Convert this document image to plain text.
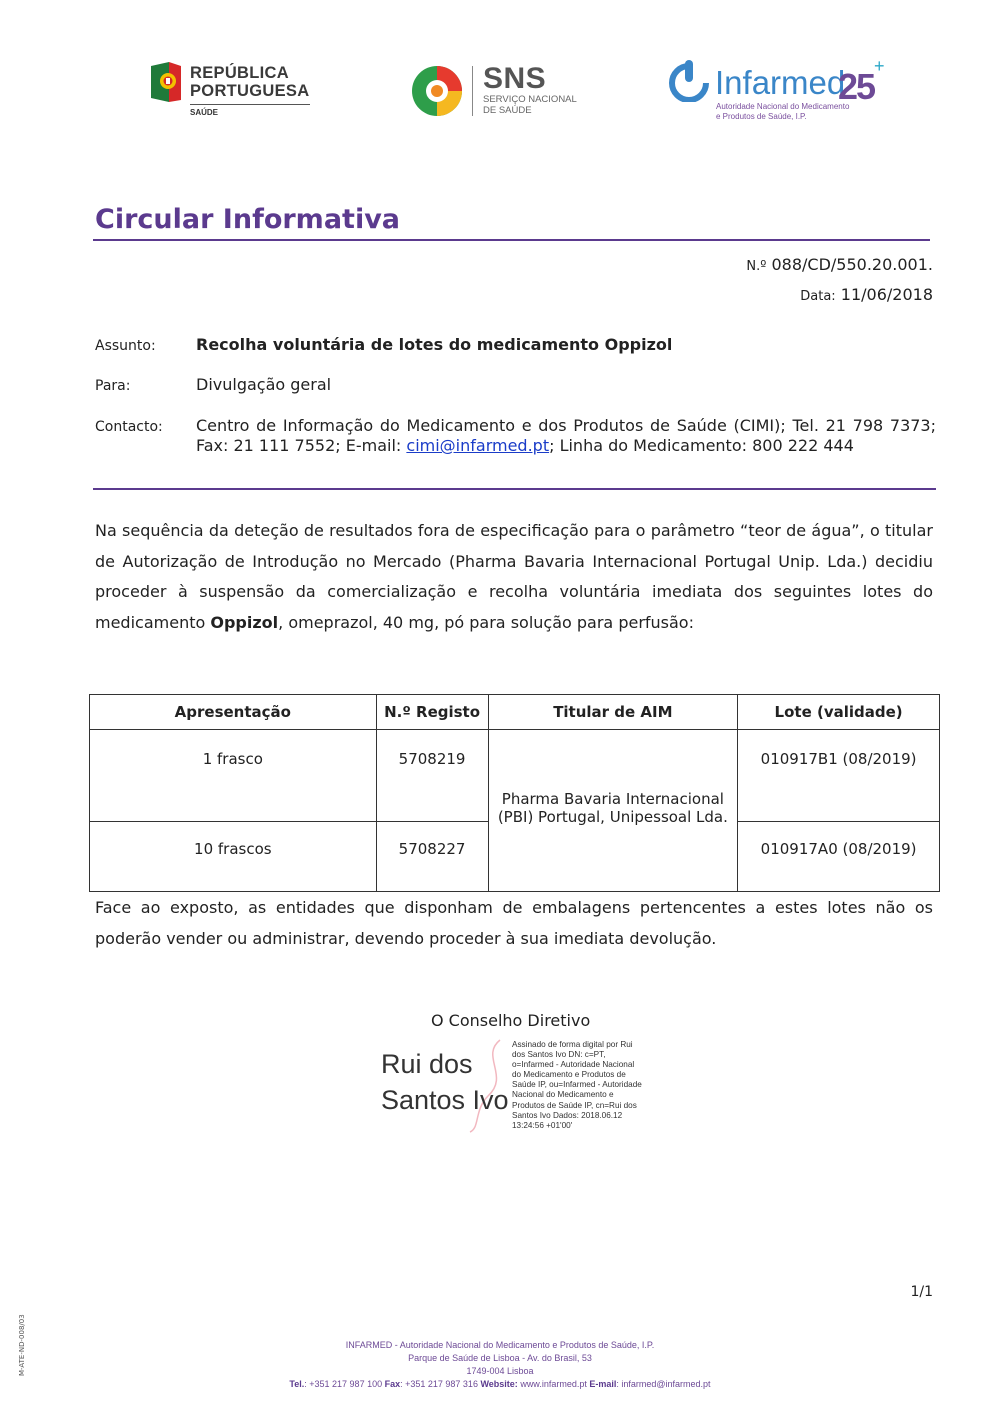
REPÚBLICA
PORTUGUESA
SAÚDE
SNS
SERVIÇO NACIONAL
DE SAÚDE
Infarmed
25 +
Autoridade Nacional do Medicamento
e Produtos de Saúde, I.P.
Circular Informativa
N.º 088/CD/550.20.001.
Data: 11/06/2018
Assunto:	Recolha voluntária de lotes do medicamento Oppizol
Para:	Divulgação geral
Contacto: Centro de Informação do Medicamento e dos Produtos de Saúde (CIMI); Tel. 21 798 7373; Fax: 21 111 7552; E-mail: cimi@infarmed.pt; Linha do Medicamento: 800 222 444
Na sequência da deteção de resultados fora de especificação para o parâmetro “teor de água”, o titular de Autorização de Introdução no Mercado (Pharma Bavaria Internacional Portugal Unip. Lda.) decidiu proceder à suspensão da comercialização e recolha voluntária imediata dos seguintes lotes do medicamento Oppizol, omeprazol, 40 mg, pó para solução para perfusão:
Apresentação	N.º Registo	Titular de AIM	Lote (validade)
1 frasco	5708219	Pharma Bavaria Internacional (PBI) Portugal, Unipessoal Lda.	010917B1 (08/2019)
10 frascos	5708227		010917A0 (08/2019)
Face ao exposto, as entidades que disponham de embalagens pertencentes a estes lotes não os poderão vender ou administrar, devendo proceder à sua imediata devolução.
O Conselho Diretivo
Rui dos
Santos Ivo
Assinado de forma digital por Rui dos Santos Ivo DN: c=PT, o=Infarmed - Autoridade Nacional do Medicamento e Produtos de Saúde IP, ou=Infarmed - Autoridade Nacional do Medicamento e Produtos de Saúde IP, cn=Rui dos Santos Ivo Dados: 2018.06.12 13:24:56 +01'00'
1/1
M-ATE-ND-008/03	INFARMED - Autoridade Nacional do Medicamento e Produtos de Saúde, I.P.
Parque de Saúde de Lisboa - Av. do Brasil, 53
1749-004 Lisboa
Tel.: +351 217 987 100 Fax: +351 217 987 316 Website: www.infarmed.pt E-mail: infarmed@infarmed.pt
